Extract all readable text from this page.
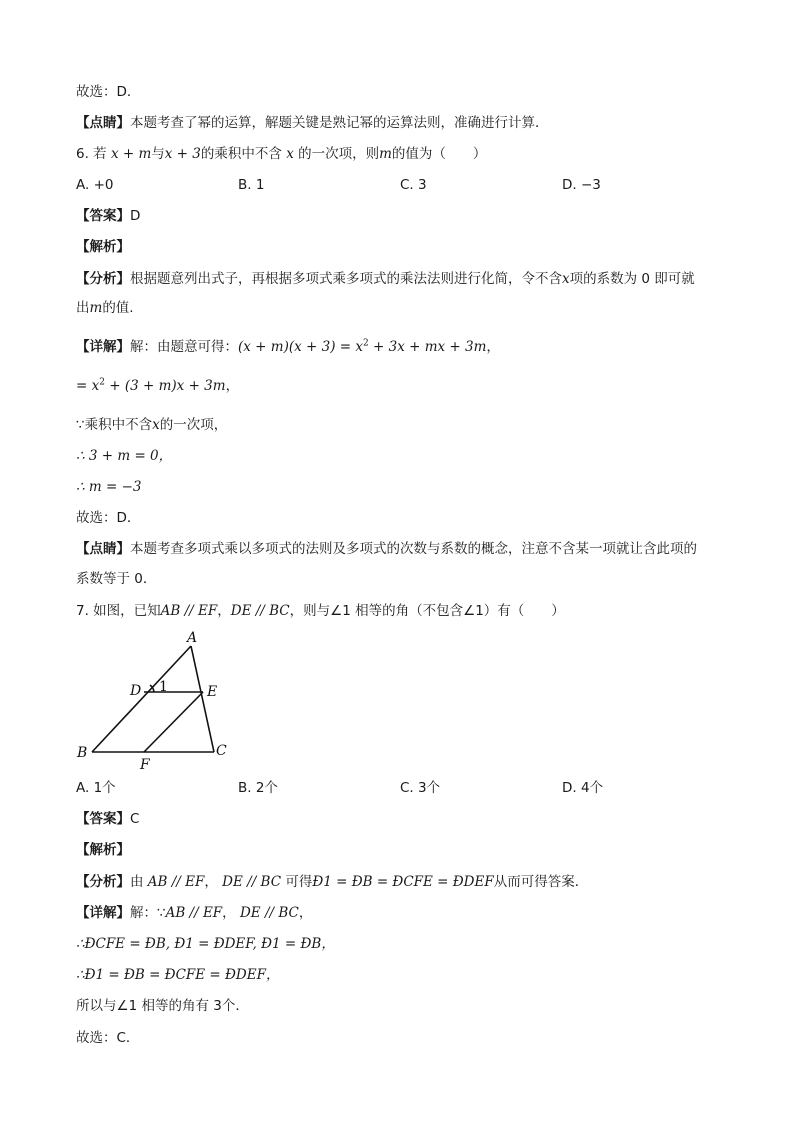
故选：D．
【点睛】本题考查了幂的运算，解题关键是熟记幂的运算法则，准确进行计算．
6. 若 x + m与x + 3的乘积中不含 x 的一次项，则m的值为（　　）
A. +0	B. 1	C. 3	D. −3
【答案】D
【解析】
【分析】根据题意列出式子，再根据多项式乘多项式的乘法法则进行化简，令不含x项的系数为 0 即可就
出m的值.
【详解】解：由题意可得：$(x + m)(x + 3) = x^2 + 3x$ + mx + 3m，
= $x^2 + (3 + m)x + 3m$，
∵乘积中不含x的一次项，
∴ 3 + m = 0，
∴ m = −3
故选：D．
【点睛】本题考查多项式乘以多项式的法则及多项式的次数与系数的概念，注意不含某一项就让含此项的
系数等于 0．
7. 如图，已知AB // EF，DE // BC，则与∠1 相等的角（不包含∠1）有（　　）
A
D 1	E
B	C
F
A. 1个	B. 2个	C. 3个	D. 4个
【答案】C
【解析】
【分析】由 AB // EF， DE // BC 可得Ð1 = ÐB = ÐCFE = ÐDEF从而可得答案．
【详解】解：∵AB // EF， DE // BC，
∴ÐCFE = ÐB, Ð1 = ÐDEF, Ð1 = ÐB，
∴Ð1 = ÐB = ÐCFE = ÐDEF，
所以与∠1 相等的角有 3个．
故选：C．
